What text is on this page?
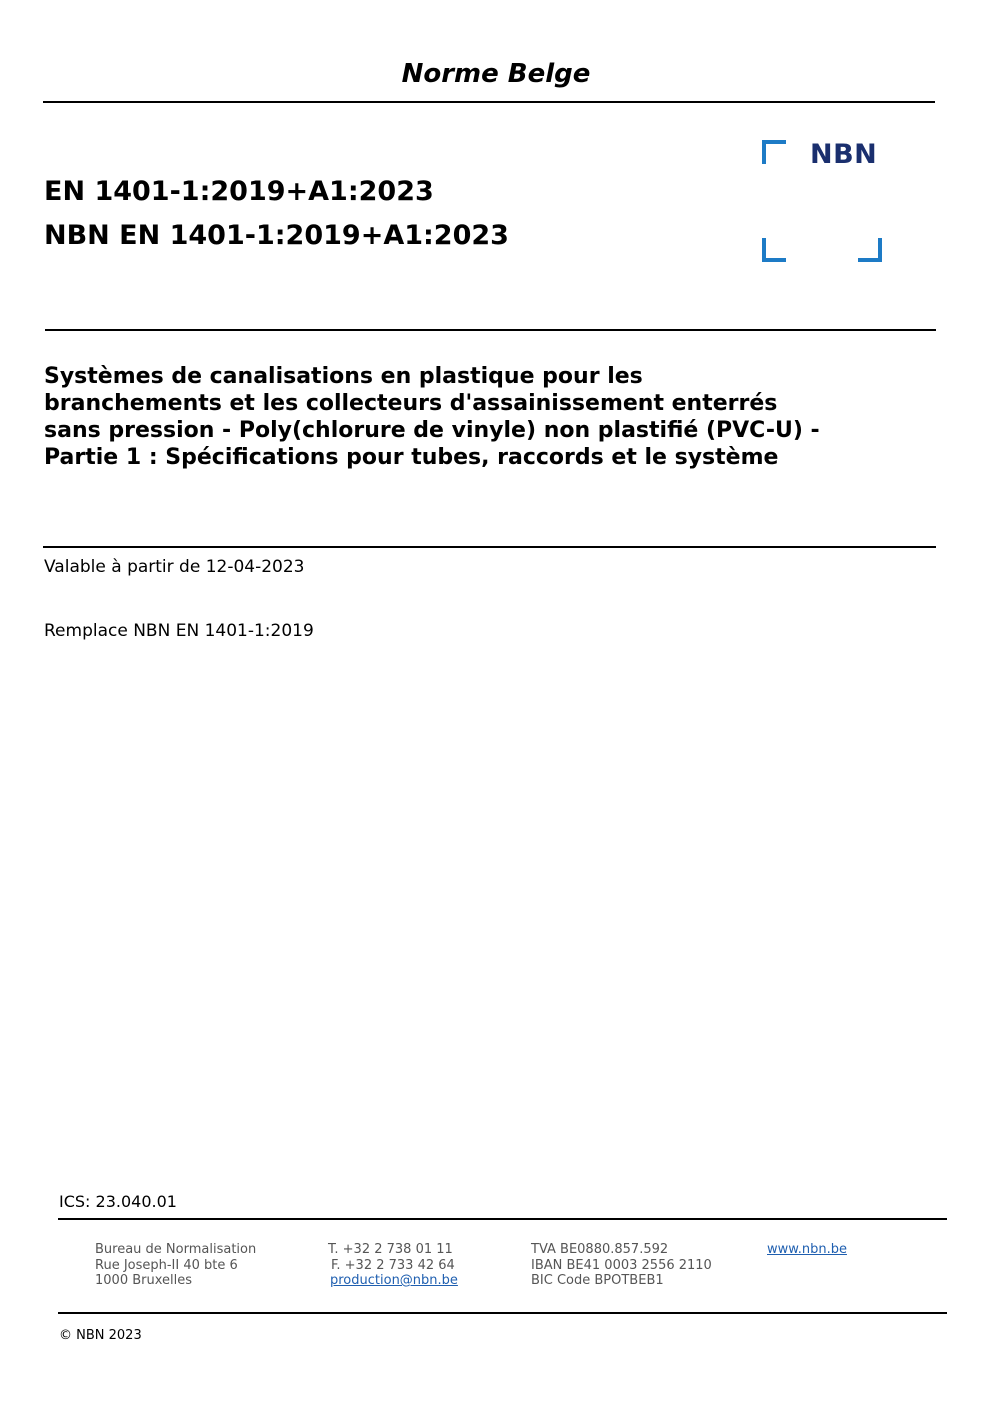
Norme Belge
EN 1401-1:2019+A1:2023
NBN EN 1401-1:2019+A1:2023
NBN
Systèmes de canalisations en plastique pour les
branchements et les collecteurs d'assainissement enterrés
sans pression - Poly(chlorure de vinyle) non plastifié (PVC-U) -
Partie 1 : Spécifications pour tubes, raccords et le système
Valable à partir de 12-04-2023
Remplace NBN EN 1401-1:2019
ICS: 23.040.01
Bureau de Normalisation
Rue Joseph-II 40 bte 6
1000 Bruxelles
T. +32 2 738 01 11
F. +32 2 733 42 64
production@nbn.be
TVA BE0880.857.592
IBAN BE41 0003 2556 2110
BIC Code BPOTBEB1
www.nbn.be
© NBN 2023
